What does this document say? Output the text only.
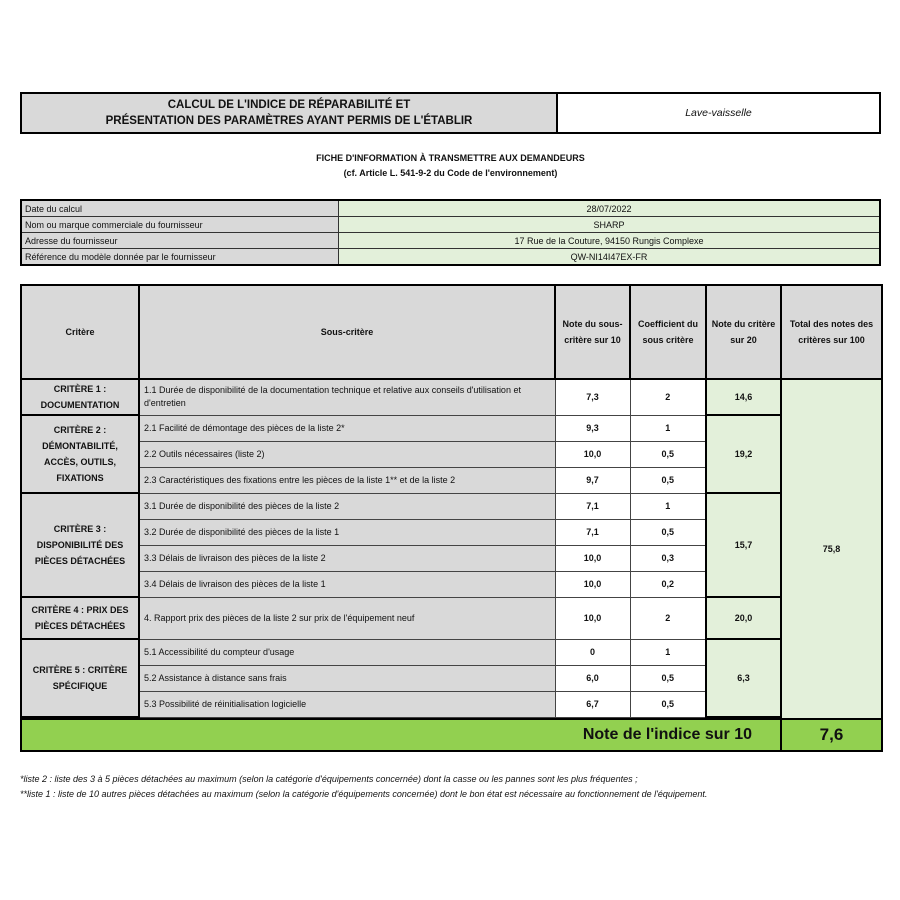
CALCUL DE L'INDICE DE RÉPARABILITÉ ET
PRÉSENTATION DES PARAMÈTRES AYANT PERMIS DE L'ÉTABLIR
Lave-vaisselle
FICHE D'INFORMATION À TRANSMETTRE AUX DEMANDEURS
(cf. Article L. 541-9-2 du Code de l'environnement)
Date du calcul	28/07/2022
Nom ou marque commerciale du fournisseur	SHARP
Adresse du fournisseur	17 Rue de la Couture, 94150 Rungis Complexe
Référence du modèle donnée par le fournisseur	QW-NI14I47EX-FR
Critère	Sous-critère	Note du sous-critère sur 10	Coefficient du sous critère	Note du critère sur 20	Total des notes des critères sur 100
CRITÈRE 1 : DOCUMENTATION	1.1 Durée de disponibilité de la documentation technique et relative aux conseils d'utilisation et d'entretien	7,3	2	14,6	75,8
CRITÈRE 2 : DÉMONTABILITÉ, ACCÈS, OUTILS, FIXATIONS	2.1 Facilité de démontage des pièces de la liste 2*	9,3	1	19,2	
	2.2 Outils nécessaires (liste 2)	10,0	0,5		
	2.3 Caractéristiques des fixations entre les pièces de la liste 1** et de la liste 2	9,7	0,5		
CRITÈRE 3 : DISPONIBILITÉ DES PIÈCES DÉTACHÉES	3.1 Durée de disponibilité des pièces de la liste 2	7,1	1	15,7	
	3.2 Durée de disponibilité des pièces de la liste 1	7,1	0,5		
	3.3 Délais de livraison des pièces de la liste 2	10,0	0,3		
	3.4 Délais de livraison des pièces de la liste 1	10,0	0,2		
CRITÈRE 4 : PRIX DES PIÈCES DÉTACHÉES	4. Rapport prix des pièces de la liste 2 sur prix de l'équipement neuf	10,0	2	20,0	
CRITÈRE 5 : CRITÈRE SPÉCIFIQUE	5.1 Accessibilité du compteur d'usage	0	1	6,3	
	5.2 Assistance à distance sans frais	6,0	0,5		
	5.3 Possibilité de réinitialisation logicielle	6,7	0,5		

Note de l'indice sur 10					7,6
*liste 2 : liste des 3 à 5 pièces détachées au maximum (selon la catégorie d'équipements concernée) dont la casse ou les pannes sont les plus fréquentes ;
**liste 1 : liste de 10 autres pièces détachées au maximum (selon la catégorie d'équipements concernée) dont le bon état est nécessaire au fonctionnement de l'équipement.
